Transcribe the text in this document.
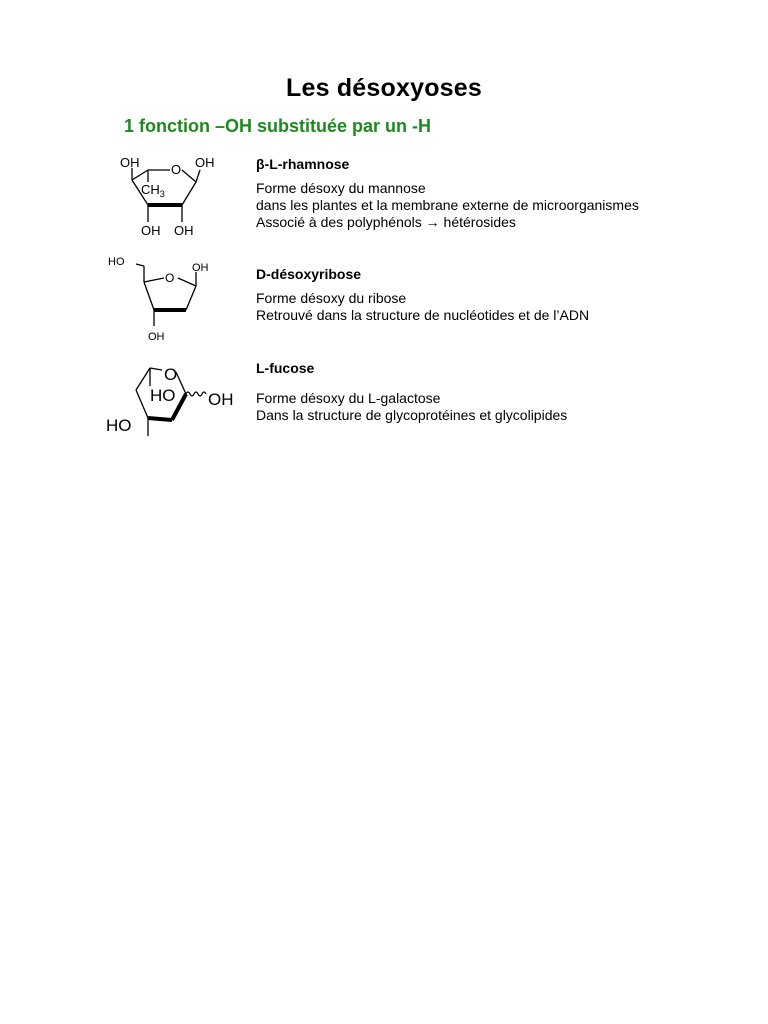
Les désoxyoses
1 fonction –OH substituée par un -H
OH O OH
$CH_3$
OH OH
β-L-rhamnose
Forme désoxy du mannose
dans les plantes et la membrane externe de microorganismes
Associé à des polyphénols → hétérosides
HO
O
OH
OH
D-désoxyribose
Forme désoxy du ribose
Retrouvé dans la structure de nucléotides et de l’ADN
O
HO OH
HO
L-fucose
Forme désoxy du L-galactose
Dans la structure de glycoprotéines et glycolipides
